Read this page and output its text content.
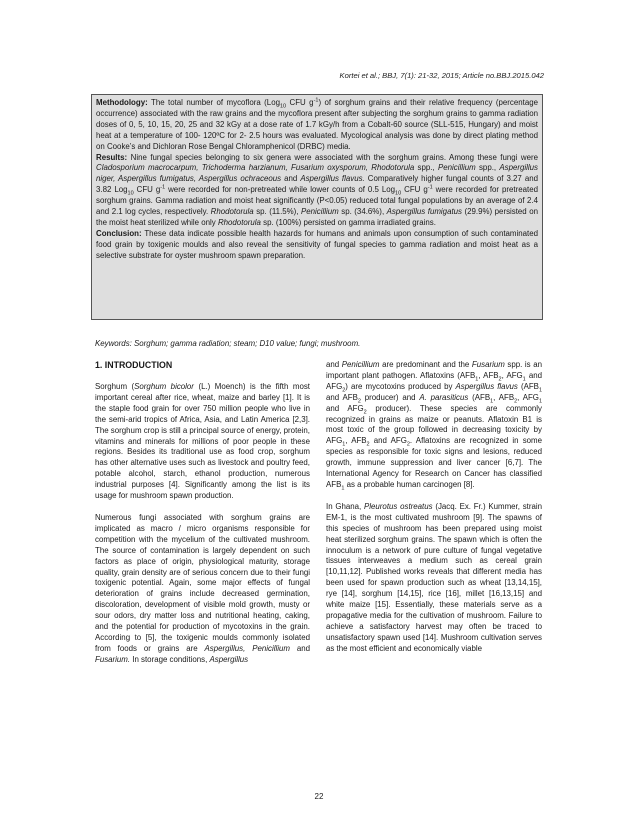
Kortei et al.; BBJ, 7(1): 21-32, 2015; Article no.BBJ.2015.042

Methodology: The total number of mycoflora (Log$_{10}$ CFU $g^{-1}$) of sorghum grains and their relative frequency (percentage occurrence) associated with the raw grains and the mycoflora present after subjecting the sorghum grains to gamma radiation doses of 0, 5, 10, 15, 20, 25 and 32 kGy at a dose rate of 1.7 kGy/h from a Cobalt-60 source (SLL-515, Hungary) and moist heat at a temperature of 100- 120ºC for 2- 2.5 hours was evaluated. Mycological analysis was done by direct plating method on Cooke’s and Dichloran Rose Bengal Chloramphenicol (DRBC) media.

Results: Nine fungal species belonging to six genera were associated with the sorghum grains. Among these fungi were Cladosporium macrocarpum, Trichoderma harzianum, Fusarium oxysporum, Rhodotorula spp., Penicillium spp., Aspergillus niger, Aspergillus fumigatus, Aspergillus ochraceous and Aspergillus flavus. Comparatively higher fungal counts of 3.27 and 3.82 Log$_{10}$ CFU $g^{-1}$ were recorded for non-pretreated while lower counts of 0.5 Log$_{10}$ CFU $g^{-1}$ were recorded for pretreated sorghum grains. Gamma radiation and moist heat significantly (P<0.05) reduced total fungal populations by an average of 2.4 and 2.1 log cycles, respectively. Rhodotorula sp. (11.5%), Penicillium sp. (34.6%), Aspergillus fumigatus (29.9%) persisted on the moist heat sterilized while only Rhodotorula sp. (100%) persisted on gamma irradiated grains.

Conclusion: These data indicate possible health hazards for humans and animals upon consumption of such contaminated food grain by toxigenic moulds and also reveal the sensitivity of fungal species to gamma radiation and moist heat as a selective substrate for oyster mushroom spawn preparation.

Keywords: Sorghum; gamma radiation; steam; D10 value; fungi; mushroom.
1. INTRODUCTION

Sorghum (Sorghum bicolor (L.) Moench) is the fifth most important cereal after rice, wheat, maize and barley [1]. It is the staple food grain for over 750 million people who live in the semi-arid tropics of Africa, Asia, and Latin America [2,3]. The sorghum crop is still a principal source of energy, protein, vitamins and minerals for millions of poor people in these regions. Besides its traditional use as food crop, sorghum has other alternative uses such as livestock and poultry feed, potable alcohol, starch, ethanol production, numerous industrial purposes [4]. Significantly among the list is its usage for mushroom spawn production.

Numerous fungi associated with sorghum grains are implicated as macro / micro organisms responsible for competition with the mycelium of the cultivated mushroom. The source of contamination is largely dependent on such factors as place of origin, physiological maturity, storage quality, grain density are of serious concern due to their fungi toxigenic potential. Again, some major effects of fungal deterioration of grains include decreased germination, discoloration, development of visible mold growth, musty or sour odors, dry matter loss and nutritional heating, caking, and the potential for production of mycotoxins in the grain. According to [5], the toxigenic moulds commonly isolated from foods or grains are Aspergillus, Penicillium and Fusarium. In storage conditions, Aspergillus

and Penicillium are predominant and the Fusarium spp. is an important plant pathogen. Aflatoxins ($AFB_1$, $AFB_2$, $AFG_1$ and $AFG_2$) are mycotoxins produced by Aspergillus flavus ($AFB_1$ and $AFB_2$ producer) and A. parasiticus ($AFB_1$, $AFB_2$, $AFG_1$ and $AFG_2$ producer). These species are commonly recognized in grains as maize or peanuts. Aflatoxin B1 is most toxic of the group followed in decreasing toxicity by $AFG_1$, $AFB_2$ and $AFG_2$. Aflatoxins are recognized in some species as responsible for toxic signs and lesions, reduced growth, immune suppression and liver cancer [6,7]. The International Agency for Research on Cancer has classified $AFB_1$ as a probable human carcinogen [8].

In Ghana, Pleurotus ostreatus (Jacq. Ex. Fr.) Kummer, strain EM-1, is the most cultivated mushroom [9]. The spawns of this species of mushroom has been prepared using moist heat sterilized sorghum grains. The spawn which is often the innoculum is a network of pure culture of fungal vegetative tissues interweaves a medium such as cereal grain [10,11,12]. Published works reveals that different media has been used for spawn production such as wheat [13,14,15], rye [14], sorghum [14,15], rice [16], millet [16,13,15] and white maize [15]. Essentially, these materials serve as a propagative media for the cultivation of mushroom. Failure to achieve a satisfactory harvest may often be traced to unsatisfactory spawn used [14]. Mushroom cultivation serves as the most efficient and economically viable

22
